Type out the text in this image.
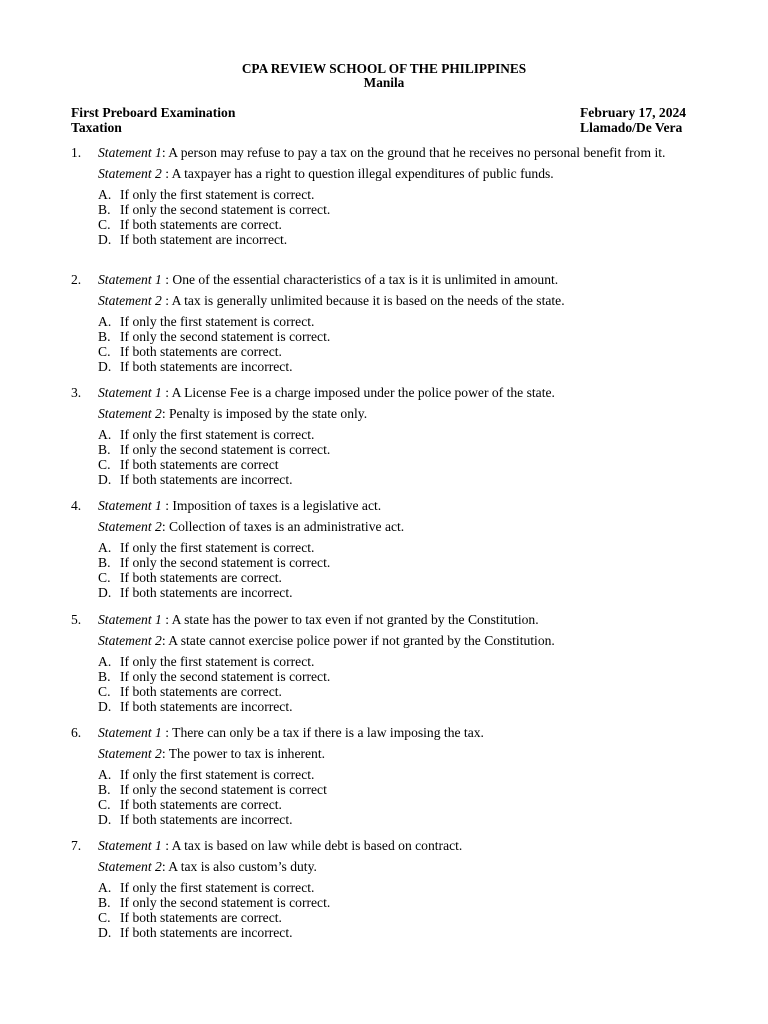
CPA REVIEW SCHOOL OF THE PHILIPPINES
Manila
First Preboard Examination
Taxation
February 17, 2024
Llamado/De Vera
1. Statement 1: A person may refuse to pay a tax on the ground that he receives no personal benefit from it.
Statement 2 : A taxpayer has a right to question illegal expenditures of public funds.
A. If only the first statement is correct.
B. If only the second statement is correct.
C. If both statements are correct.
D. If both statement are incorrect.
2. Statement 1 : One of the essential characteristics of a tax is it is unlimited in amount.
Statement 2 : A tax is generally unlimited because it is based on the needs of the state.
A. If only the first statement is correct.
B. If only the second statement is correct.
C. If both statements are correct.
D. If both statements are incorrect.
3. Statement 1 : A License Fee is a charge imposed under the police power of the state.
Statement 2: Penalty is imposed by the state only.
A. If only the first statement is correct.
B. If only the second statement is correct.
C. If both statements are correct
D. If both statements are incorrect.
4. Statement 1 : Imposition of taxes is a legislative act.
Statement 2: Collection of taxes is an administrative act.
A. If only the first statement is correct.
B. If only the second statement is correct.
C. If both statements are correct.
D. If both statements are incorrect.
5. Statement 1 : A state has the power to tax even if not granted by the Constitution.
Statement 2: A state cannot exercise police power if not granted by the Constitution.
A. If only the first statement is correct.
B. If only the second statement is correct.
C. If both statements are correct.
D. If both statements are incorrect.
6. Statement 1 : There can only be a tax if there is a law imposing the tax.
Statement 2: The power to tax is inherent.
A. If only the first statement is correct.
B. If only the second statement is correct
C. If both statements are correct.
D. If both statements are incorrect.
7. Statement 1 : A tax is based on law while debt is based on contract.
Statement 2: A tax is also custom’s duty.
A. If only the first statement is correct.
B. If only the second statement is correct.
C. If both statements are correct.
D. If both statements are incorrect.
